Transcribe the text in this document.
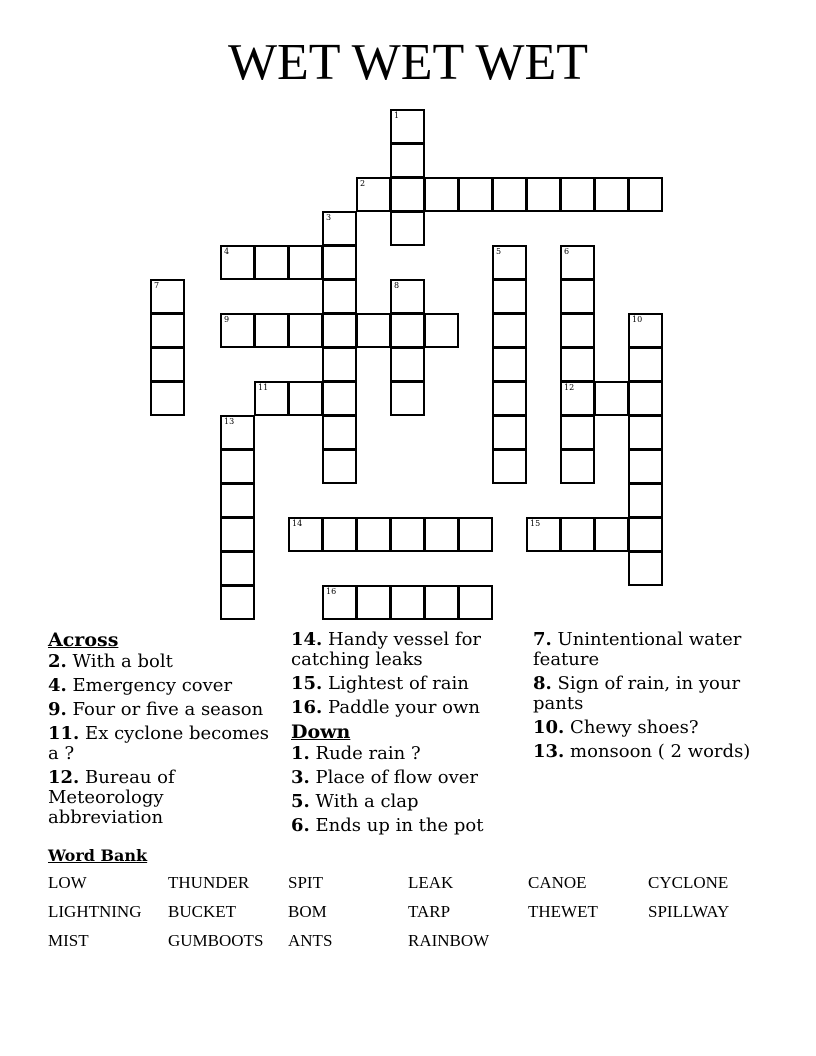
WET WET WET
1
2
3
4	5	6
12
7	8
9	10
11
13
14	15
16
Across
2. With a bolt
4. Emergency cover
9. Four or five a season
11. Ex cyclone becomes a ?
12. Bureau of Meteorology abbreviation
14. Handy vessel for catching leaks
15. Lightest of rain
16. Paddle your own
Down
1. Rude rain ?
3. Place of flow over
5. With a clap
6. Ends up in the pot
7. Unintentional water feature
8. Sign of rain, in your pants
10. Chewy shoes?
13. monsoon ( 2 words)
Word Bank
LOW	THUNDER	SPIT	LEAK	CANOE	CYCLONE
LIGHTNING	BUCKET	BOM	TARP	THEWET	SPILLWAY
MIST	GUMBOOTS	ANTS	RAINBOW
